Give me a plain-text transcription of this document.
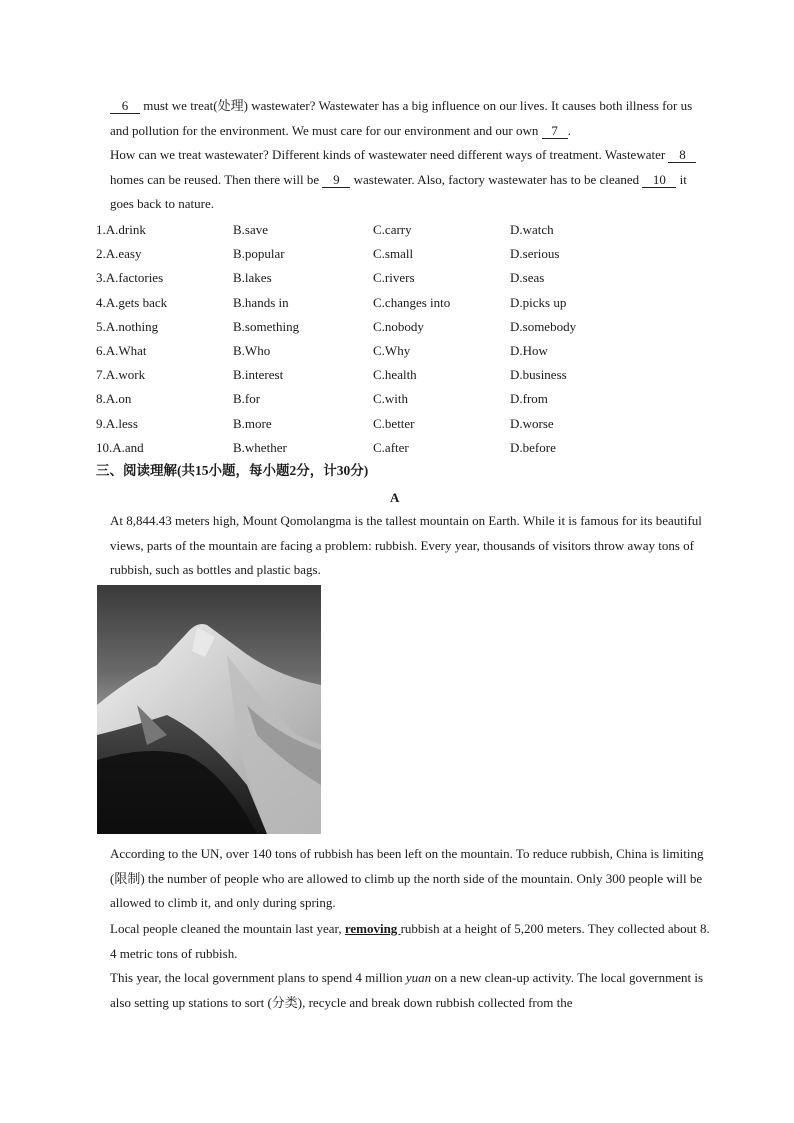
6 must we treat(处理) wastewater? Wastewater has a big influence on our lives. It causes both illness for us and pollution for the environment. We must care for our environment and our own 7 .

How can we treat wastewater? Different kinds of wastewater need different ways of treatment. Wastewater 8 homes can be reused. Then there will be 9 wastewater. Also, factory wastewater has to be cleaned 10 it goes back to nature.

1.A.drink	B.save	C.carry	D.watch
2.A.easy	B.popular	C.small	D.serious
3.A.factories	B.lakes	C.rivers	D.seas
4.A.gets back	B.hands in	C.changes into	D.picks up
5.A.nothing	B.something	C.nobody	D.somebody
6.A.What	B.Who	C.Why	D.How
7.A.work	B.interest	C.health	D.business
8.A.on	B.for	C.with	D.from
9.A.less	B.more	C.better	D.worse
10.A.and	B.whether	C.after	D.before

三、阅读理解(共15小题，每小题2分，计30分)

A

At 8,844.43 meters high, Mount Qomolangma is the tallest mountain on Earth. While it is famous for its beautiful views, parts of the mountain are facing a problem: rubbish. Every year, thousands of visitors throw away tons of rubbish, such as bottles and plastic bags.

According to the UN, over 140 tons of rubbish has been left on the mountain. To reduce rubbish, China is limiting (限制) the number of people who are allowed to climb up the north side of the mountain. Only 300 people will be allowed to climb it, and only during spring.

Local people cleaned the mountain last year, removing rubbish at a height of 5,200 meters. They collected about 8. 4 metric tons of rubbish.

This year, the local government plans to spend 4 million yuan on a new clean-up activity. The local government is also setting up stations to sort (分类), recycle and break down rubbish collected from the
